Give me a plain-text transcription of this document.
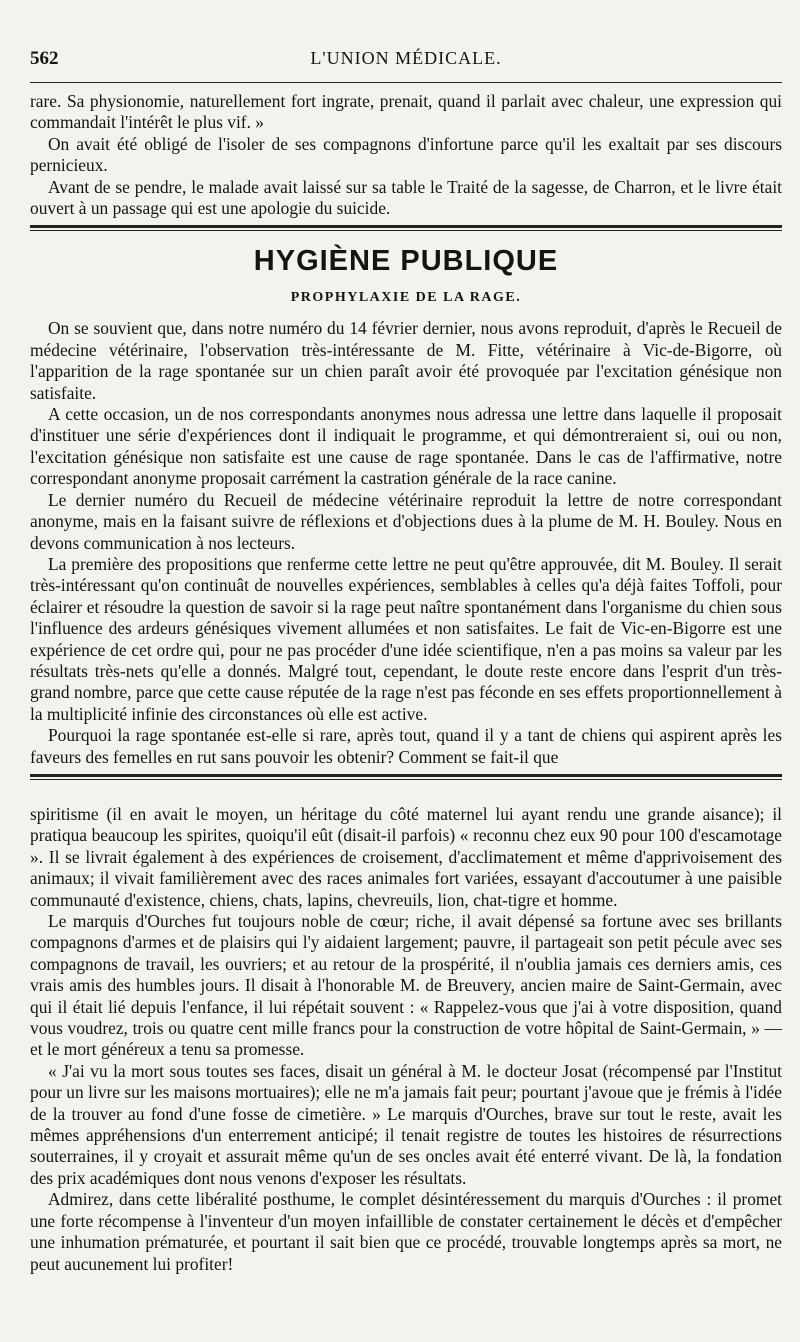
562	L'UNION MÉDICALE.

rare. Sa physionomie, naturellement fort ingrate, prenait, quand il parlait avec chaleur, une expression qui commandait l'intérêt le plus vif. »

On avait été obligé de l'isoler de ses compagnons d'infortune parce qu'il les exaltait par ses discours pernicieux.

Avant de se pendre, le malade avait laissé sur sa table le Traité de la sagesse, de Charron, et le livre était ouvert à un passage qui est une apologie du suicide.

HYGIÈNE PUBLIQUE
PROPHYLAXIE DE LA RAGE.

On se souvient que, dans notre numéro du 14 février dernier, nous avons reproduit, d'après le Recueil de médecine vétérinaire, l'observation très-intéressante de M. Fitte, vétérinaire à Vic-de-Bigorre, où l'apparition de la rage spontanée sur un chien paraît avoir été provoquée par l'excitation génésique non satisfaite.

A cette occasion, un de nos correspondants anonymes nous adressa une lettre dans laquelle il proposait d'instituer une série d'expériences dont il indiquait le programme, et qui démontreraient si, oui ou non, l'excitation génésique non satisfaite est une cause de rage spontanée. Dans le cas de l'affirmative, notre correspondant anonyme proposait carrément la castration générale de la race canine.

Le dernier numéro du Recueil de médecine vétérinaire reproduit la lettre de notre correspondant anonyme, mais en la faisant suivre de réflexions et d'objections dues à la plume de M. H. Bouley. Nous en devons communication à nos lecteurs.

La première des propositions que renferme cette lettre ne peut qu'être approuvée, dit M. Bouley. Il serait très-intéressant qu'on continuât de nouvelles expériences, semblables à celles qu'a déjà faites Toffoli, pour éclairer et résoudre la question de savoir si la rage peut naître spontanément dans l'organisme du chien sous l'influence des ardeurs génésiques vivement allumées et non satisfaites. Le fait de Vic-en-Bigorre est une expérience de cet ordre qui, pour ne pas procéder d'une idée scientifique, n'en a pas moins sa valeur par les résultats très-nets qu'elle a donnés. Malgré tout, cependant, le doute reste encore dans l'esprit d'un très-grand nombre, parce que cette cause réputée de la rage n'est pas féconde en ses effets proportionnellement à la multiplicité infinie des circonstances où elle est active.

Pourquoi la rage spontanée est-elle si rare, après tout, quand il y a tant de chiens qui aspirent après les faveurs des femelles en rut sans pouvoir les obtenir? Comment se fait-il que

spiritisme (il en avait le moyen, un héritage du côté maternel lui ayant rendu une grande aisance); il pratiqua beaucoup les spirites, quoiqu'il eût (disait-il parfois) « reconnu chez eux 90 pour 100 d'escamotage ». Il se livrait également à des expériences de croisement, d'acclimatement et même d'apprivoisement des animaux; il vivait familièrement avec des races animales fort variées, essayant d'accoutumer à une paisible communauté d'existence, chiens, chats, lapins, chevreuils, lion, chat-tigre et homme.

Le marquis d'Ourches fut toujours noble de cœur; riche, il avait dépensé sa fortune avec ses brillants compagnons d'armes et de plaisirs qui l'y aidaient largement; pauvre, il partageait son petit pécule avec ses compagnons de travail, les ouvriers; et au retour de la prospérité, il n'oublia jamais ces derniers amis, ces vrais amis des humbles jours. Il disait à l'honorable M. de Breuvery, ancien maire de Saint-Germain, avec qui il était lié depuis l'enfance, il lui répétait souvent : « Rappelez-vous que j'ai à votre disposition, quand vous voudrez, trois ou quatre cent mille francs pour la construction de votre hôpital de Saint-Germain, » — et le mort généreux a tenu sa promesse.

« J'ai vu la mort sous toutes ses faces, disait un général à M. le docteur Josat (récompensé par l'Institut pour un livre sur les maisons mortuaires); elle ne m'a jamais fait peur; pourtant j'avoue que je frémis à l'idée de la trouver au fond d'une fosse de cimetière. » Le marquis d'Ourches, brave sur tout le reste, avait les mêmes appréhensions d'un enterrement anticipé; il tenait registre de toutes les histoires de résurrections souterraines, il y croyait et assurait même qu'un de ses oncles avait été enterré vivant. De là, la fondation des prix académiques dont nous venons d'exposer les résultats.

Admirez, dans cette libéralité posthume, le complet désintéressement du marquis d'Ourches : il promet une forte récompense à l'inventeur d'un moyen infaillible de constater certainement le décès et d'empêcher une inhumation prématurée, et pourtant il sait bien que ce procédé, trouvable longtemps après sa mort, ne peut aucunement lui profiter!
